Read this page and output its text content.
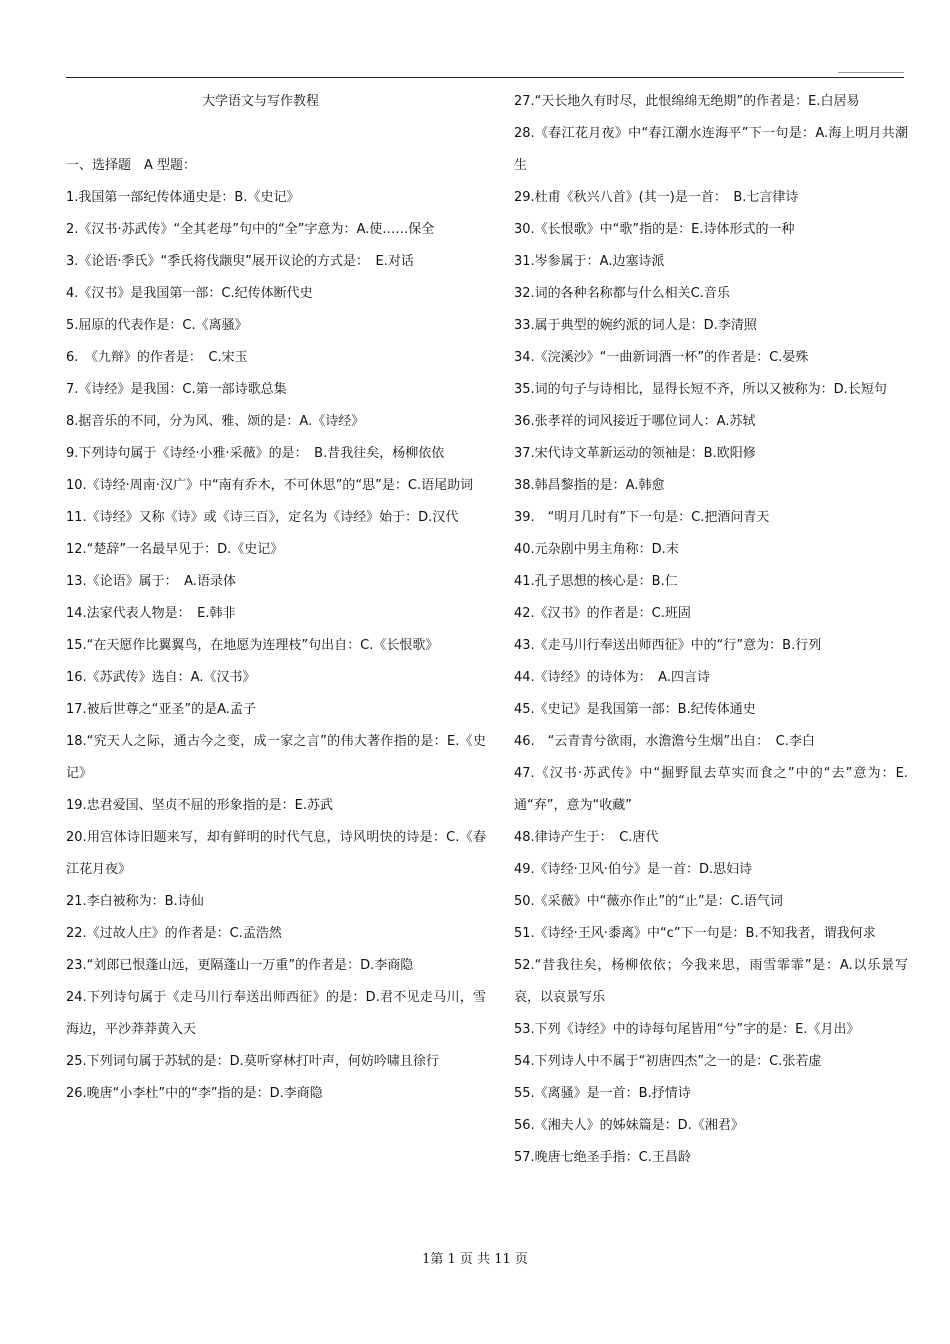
大学语文与写作教程

一、选择题　A 型题：

1.我国第一部纪传体通史是：B.《史记》

2.《汉书·苏武传》“全其老母”句中的“全”字意为：A.使……保全

3.《论语·季氏》“季氏将伐颛臾”展开议论的方式是：　E.对话

4.《汉书》是我国第一部：C.纪传体断代史

5.屈原的代表作是：C.《离骚》

6.　《九辩》的作者是：　C.宋玉

7.《诗经》是我国：C.第一部诗歌总集

8.据音乐的不同，分为风、雅、颂的是：A.《诗经》

9.下列诗句属于《诗经·小雅·采薇》的是：　B.昔我往矣，杨柳依依

10.《诗经·周南·汉广》中“南有乔木，不可休思”的“思”是：C.语尾助词

11.《诗经》又称《诗》或《诗三百》，定名为《诗经》始于：D.汉代

12.“楚辞”一名最早见于：D.《史记》

13.《论语》属于：　A.语录体

14.法家代表人物是：　E.韩非

15.“在天愿作比翼翼鸟，在地愿为连理枝”句出自：C.《长恨歌》

16.《苏武传》选自：A.《汉书》

17.被后世尊之“亚圣”的是A.孟子

18.“究天人之际，通古今之变，成一家之言”的伟大著作指的是：E.《史记》

19.忠君爱国、坚贞不屈的形象指的是：E.苏武

20.用宫体诗旧题来写，却有鲜明的时代气息，诗风明快的诗是：C.《春江花月夜》

21.李白被称为：B.诗仙

22.《过故人庄》的作者是：C.孟浩然

23.“刘郎已恨蓬山远，更隔蓬山一万重”的作者是：D.李商隐

24.下列诗句属于《走马川行奉送出师西征》的是：D.君不见走马川，雪海边，平沙莽莽黄入天

25.下列词句属于苏轼的是：D.莫听穿林打叶声，何妨吟啸且徐行

26.晚唐“小李杜”中的“李”指的是：D.李商隐

27.“天长地久有时尽，此恨绵绵无绝期”的作者是：E.白居易

28.《春江花月夜》中“春江潮水连海平”下一句是：A.海上明月共潮生

29.杜甫《秋兴八首》(其一)是一首：　B.七言律诗

30.《长恨歌》中“歌”指的是：E.诗体形式的一种

31.岑参属于：A.边塞诗派

32.词的各种名称都与什么相关C.音乐

33.属于典型的婉约派的词人是：D.李清照

34.《浣溪沙》“一曲新词酒一杯”的作者是：C.晏殊

35.词的句子与诗相比，显得长短不齐，所以又被称为：D.长短句

36.张孝祥的词风接近于哪位词人：A.苏轼

37.宋代诗文革新运动的领袖是：B.欧阳修

38.韩昌黎指的是：A.韩愈

39.　“明月几时有”下一句是：C.把酒问青天

40.元杂剧中男主角称：D.末

41.孔子思想的核心是：B.仁

42.《汉书》的作者是：C.班固

43.《走马川行奉送出师西征》中的“行”意为：B.行列

44.《诗经》的诗体为：　A.四言诗

45.《史记》是我国第一部：B.纪传体通史

46.　“云青青兮欲雨，水澹澹兮生烟”出自：　C.李白

47.《汉书·苏武传》中“掘野鼠去草实而食之”中的“去”意为：E.通“弃”，意为“收藏”

48.律诗产生于：　C.唐代

49.《诗经·卫风·伯兮》是一首：D.思妇诗

50.《采薇》中“薇亦作止”的“止”是：C.语气词

51.《诗经·王风·黍离》中“c”下一句是：B.不知我者，谓我何求

52.“昔我往矣，杨柳依依；今我来思，雨雪霏霏”是：A.以乐景写哀，以哀景写乐

53.下列《诗经》中的诗每句尾皆用“兮”字的是：E.《月出》

54.下列诗人中不属于“初唐四杰”之一的是：C.张若虚

55.《离骚》是一首：B.抒情诗

56.《湘夫人》的姊妹篇是：D.《湘君》

57.晚唐七绝圣手指：C.王昌龄

1第 1 页 共 11 页
